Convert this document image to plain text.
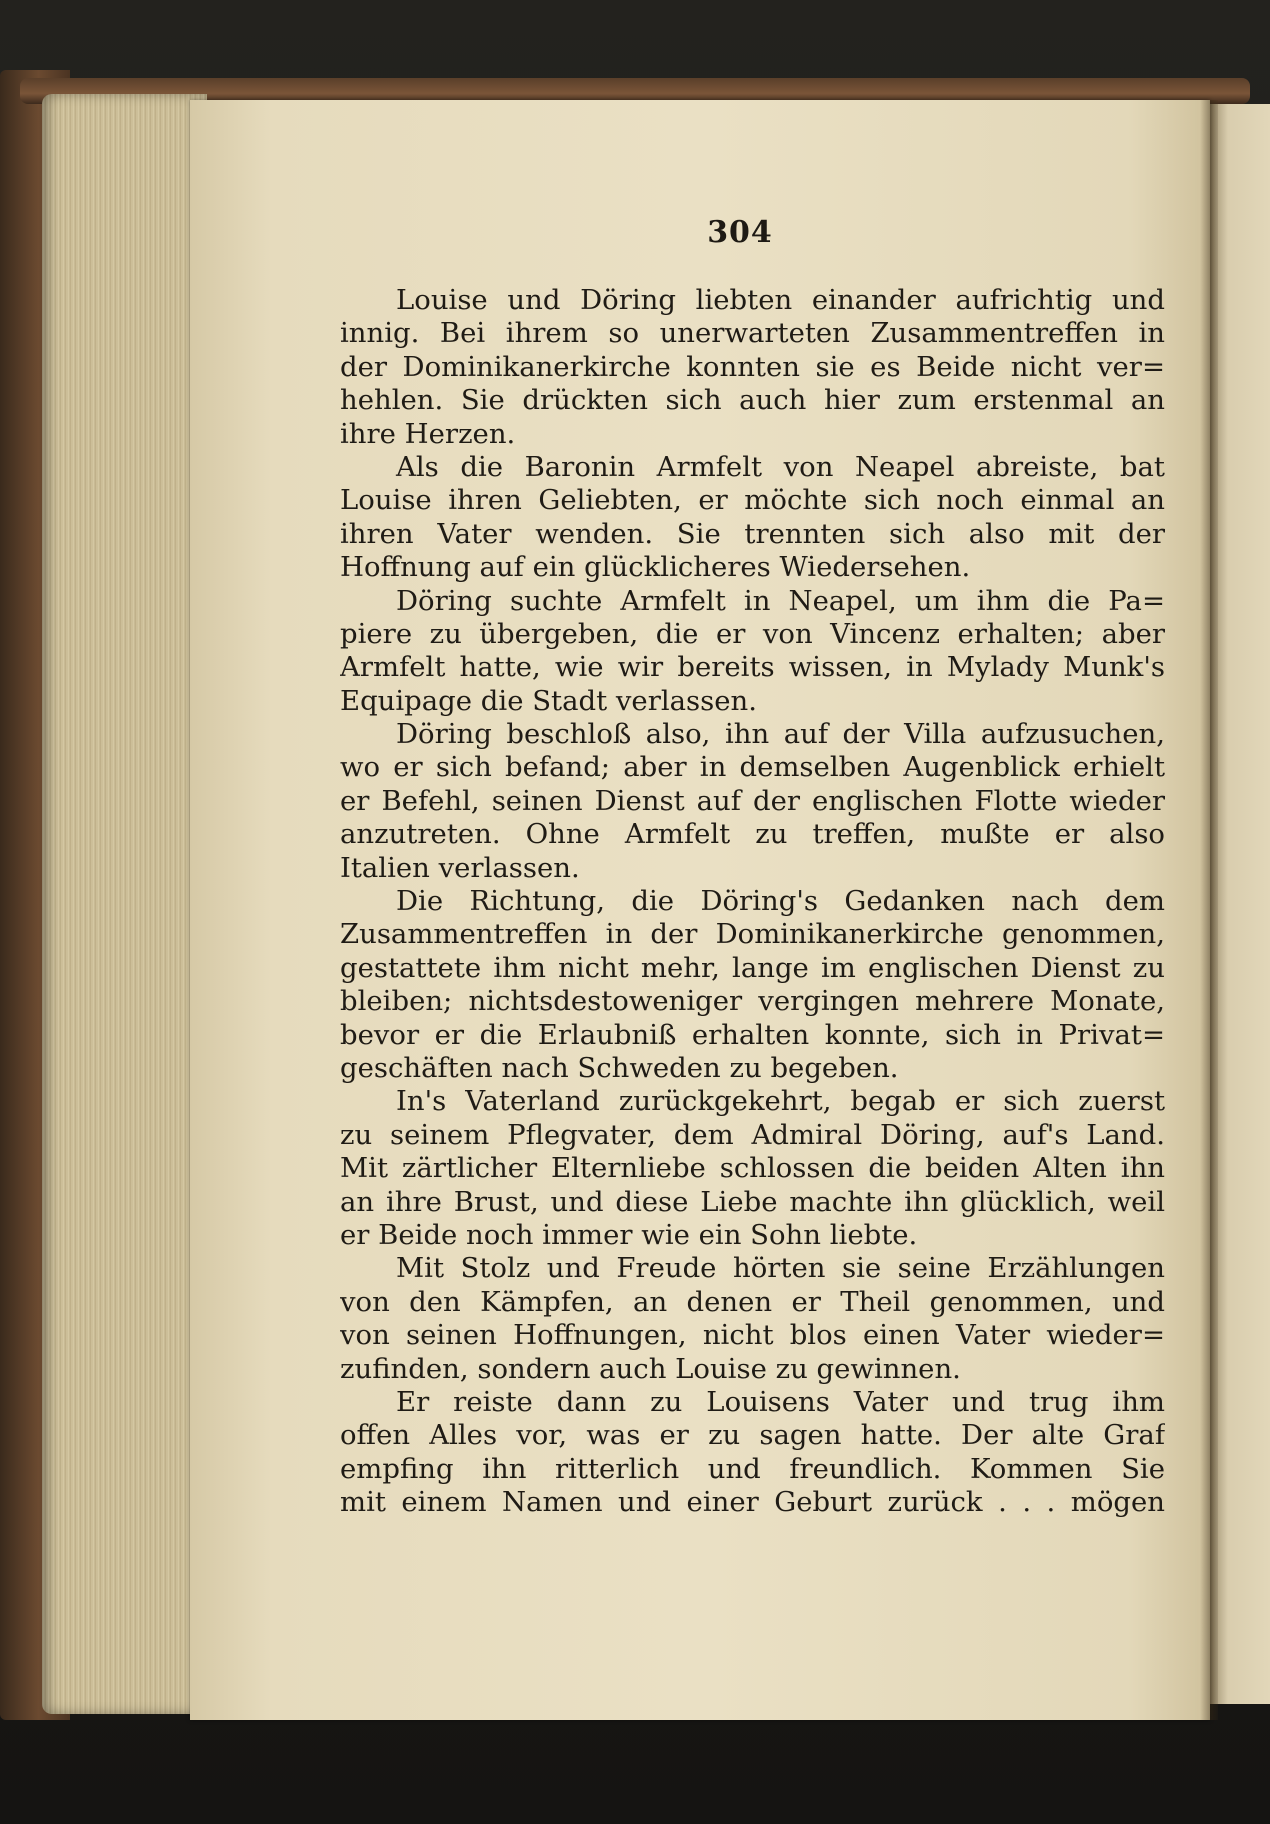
304
Louise und Döring liebten einander aufrichtig und
innig. Bei ihrem so unerwarteten Zusammentreffen in
der Dominikanerkirche konnten sie es Beide nicht ver=
hehlen. Sie drückten sich auch hier zum erstenmal an
ihre Herzen.
Als die Baronin Armfelt von Neapel abreiste, bat
Louise ihren Geliebten, er möchte sich noch einmal an
ihren Vater wenden. Sie trennten sich also mit der
Hoffnung auf ein glücklicheres Wiedersehen.
Döring suchte Armfelt in Neapel, um ihm die Pa=
piere zu übergeben, die er von Vincenz erhalten; aber
Armfelt hatte, wie wir bereits wissen, in Mylady Munk's
Equipage die Stadt verlassen.
Döring beschloß also, ihn auf der Villa aufzusuchen,
wo er sich befand; aber in demselben Augenblick erhielt
er Befehl, seinen Dienst auf der englischen Flotte wieder
anzutreten. Ohne Armfelt zu treffen, mußte er also
Italien verlassen.
Die Richtung, die Döring's Gedanken nach dem
Zusammentreffen in der Dominikanerkirche genommen,
gestattete ihm nicht mehr, lange im englischen Dienst zu
bleiben; nichtsdestoweniger vergingen mehrere Monate,
bevor er die Erlaubniß erhalten konnte, sich in Privat=
geschäften nach Schweden zu begeben.
In's Vaterland zurückgekehrt, begab er sich zuerst
zu seinem Pflegvater, dem Admiral Döring, auf's Land.
Mit zärtlicher Elternliebe schlossen die beiden Alten ihn
an ihre Brust, und diese Liebe machte ihn glücklich, weil
er Beide noch immer wie ein Sohn liebte.
Mit Stolz und Freude hörten sie seine Erzählungen
von den Kämpfen, an denen er Theil genommen, und
von seinen Hoffnungen, nicht blos einen Vater wieder=
zufinden, sondern auch Louise zu gewinnen.
Er reiste dann zu Louisens Vater und trug ihm
offen Alles vor, was er zu sagen hatte. Der alte Graf
empfing ihn ritterlich und freundlich. Kommen Sie
mit einem Namen und einer Geburt zurück . . . mögen
